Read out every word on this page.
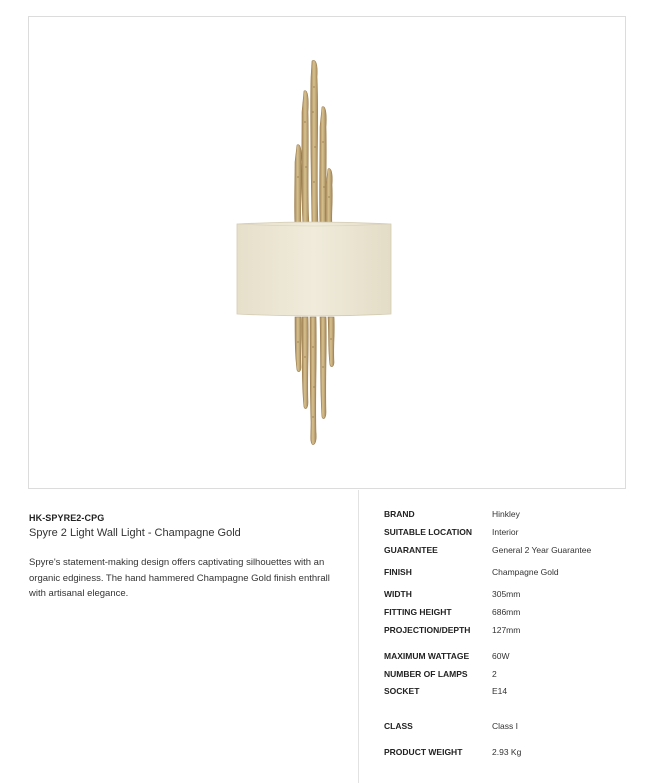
HK-SPYRE2-CPG
Spyre 2 Light Wall Light - Champagne Gold
Spyre's statement-making design offers captivating silhouettes with an organic edginess. The hand hammered Champagne Gold finish enthrall with artisanal elegance.
BRAND	Hinkley
SUITABLE LOCATION Interior
GUARANTEE	General 2 Year Guarantee
FINISH	Champagne Gold
WIDTH	305mm
FITTING HEIGHT	686mm
PROJECTION/DEPTH	127mm
MAXIMUM WATTAGE	60W
NUMBER OF LAMPS	2
SOCKET	E14
CLASS	Class I
PRODUCT WEIGHT	2.93 Kg
